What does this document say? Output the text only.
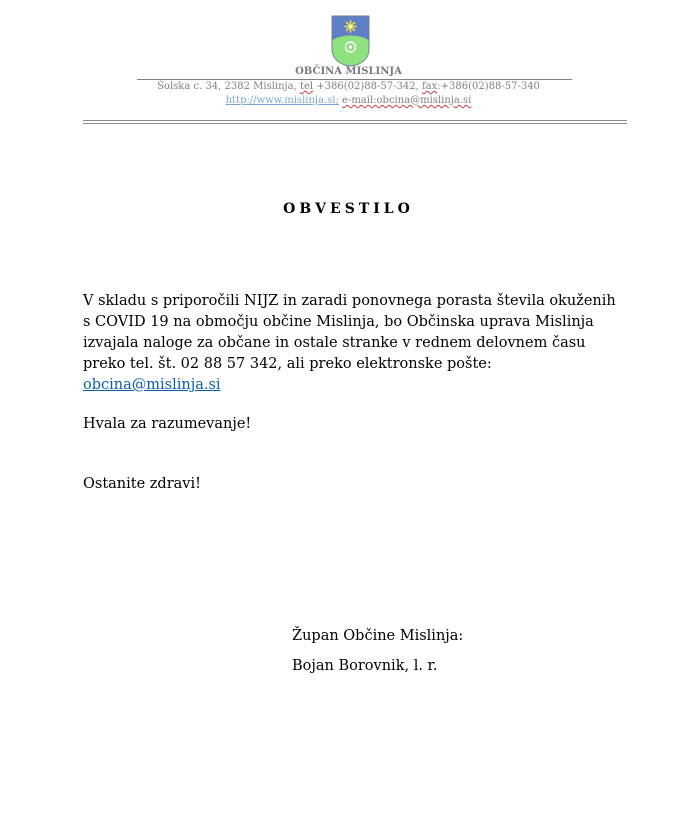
OBČINA MISLINJA
Šolska c. 34, 2382 Mislinja, tel +386(02)88-57-342, fax:+386(02)88-57-340
http://www.mislinja.si; e-mail:obcina@mislinja.si
OBVESTILO
V skladu s priporočili NIJZ in zaradi ponovnega porasta števila okuženih s COVID 19 na območju občine Mislinja, bo Občinska uprava Mislinja izvajala naloge za občane in ostale stranke v rednem delovnem času preko tel. št. 02 88 57 342, ali preko elektronske pošte: obcina@mislinja.si
Hvala za razumevanje!
Ostanite zdravi!
Župan Občine Mislinja:
Bojan Borovnik, l. r.
